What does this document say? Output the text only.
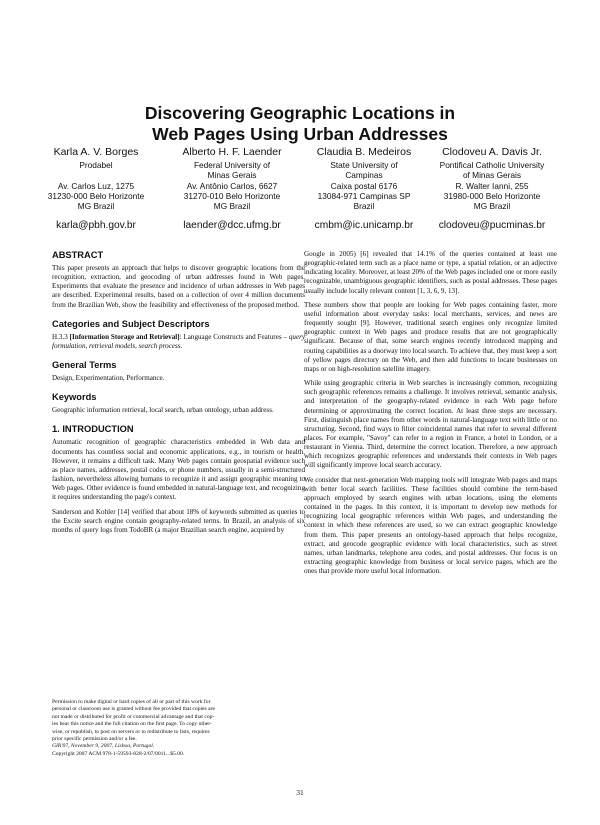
Discovering Geographic Locations in
Web Pages Using Urban Addresses
Karla A. V. Borges
Prodabel

Av. Carlos Luz, 1275
31230-000 Belo Horizonte
MG Brazil
karla@pbh.gov.br
Alberto H. F. Laender
Federal University of
Minas Gerais
Av. Antônio Carlos, 6627
31270-010 Belo Horizonte
MG Brazil
laender@dcc.ufmg.br
Claudia B. Medeiros
State University of
Campinas
Caixa postal 6176
13084-971 Campinas SP
Brazil
cmbm@ic.unicamp.br
Clodoveu A. Davis Jr.
Pontifical Catholic University
of Minas Gerais
R. Walter Ianni, 255
31980-000 Belo Horizonte
MG Brazil
clodoveu@pucminas.br
ABSTRACT

This paper presents an approach that helps to discover geographic locations from the recognition, extraction, and geocoding of urban addresses found in Web pages. Experiments that evaluate the presence and incidence of urban addresses in Web pages are described. Experimental results, based on a collection of over 4 million documents from the Brazilian Web, show the feasibility and effectiveness of the proposed method.

Categories and Subject Descriptors

H.3.3 [Information Storage and Retrieval]: Language Constructs and Features – query formulation, retrieval models, search process.

General Terms

Design, Experimentation, Performance.

Keywords

Geographic information retrieval, local search, urban ontology, urban address.

1. INTRODUCTION

Automatic recognition of geographic characteristics embedded in Web data and documents has countless social and economic applications, e.g., in tourism or health. However, it remains a difficult task. Many Web pages contain geospatial evidence such as place names, addresses, postal codes, or phone numbers, usually in a semi-structured fashion, nevertheless allowing humans to recognize it and assign geographic meaning to Web pages. Other evidence is found embedded in natural-language text, and recognizing it requires understanding the page's context.

Sanderson and Kohler [14] verified that about 18% of keywords submitted as queries to the Excite search engine contain geography-related terms. In Brazil, an analysis of six months of query logs from TodoBR (a major Brazilian search engine, acquired by

Permission to make digital or hard copies of all or part of this work for
personal or classroom use is granted without fee provided that copies are
not made or distributed for profit or commercial advantage and that cop-
ies bear this notice and the full citation on the first page. To copy other-
wise, or republish, to post on servers or to redistribute to lists, requires
prior specific permission and/or a fee.
GIR'07, November 9, 2007, Lisboa, Portugal.
Copyright 2007 ACM 978-1-59593-828-2/07/0011...$5.00.

Google in 2005) [6] revealed that 14.1% of the queries contained at least one geographic-related term such as a place name or type, a spatial relation, or an adjective indicating locality. Moreover, at least 20% of the Web pages included one or more easily recognizable, unambiguous geographic identifiers, such as postal addresses. These pages usually include locally relevant content [1, 3, 6, 9, 13].

These numbers show that people are looking for Web pages containing faster, more useful information about everyday tasks: local merchants, services, and news are frequently sought [9]. However, traditional search engines only recognize limited geographic context in Web pages and produce results that are not geographically significant. Because of that, some search engines recently introduced mapping and routing capabilities as a doorway into local search. To achieve that, they must keep a sort of yellow pages directory on the Web, and then add functions to locate businesses on maps or on high-resolution satellite imagery.

While using geographic criteria in Web searches is increasingly common, recognizing such geographic references remains a challenge. It involves retrieval, semantic analysis, and interpretation of the geography-related evidence in each Web page before determining or approximating the correct location. At least three steps are necessary. First, distinguish place names from other words in natural-language text with little or no structuring. Second, find ways to filter coincidental names that refer to several different places. For example, "Savoy" can refer to a region in France, a hotel in London, or a restaurant in Vienna. Third, determine the correct location. Therefore, a new approach which recognizes geographic references and understands their contexts in Web pages will significantly improve local search accuracy.

We consider that next-generation Web mapping tools will integrate Web pages and maps with better local search facilities. These facilities should combine the term-based approach employed by search engines with urban locations, using the elements contained in the pages. In this context, it is important to develop new methods for recognizing local geographic references within Web pages, and understanding the context in which these references are used, so we can extract geographic knowledge from them. This paper presents an ontology-based approach that helps recognize, extract, and geocode geographic evidence with local characteristics, such as street names, urban landmarks, telephone area codes, and postal addresses. Our focus is on extracting geographic knowledge from business or local service pages, which are the ones that provide more useful local information.

31
